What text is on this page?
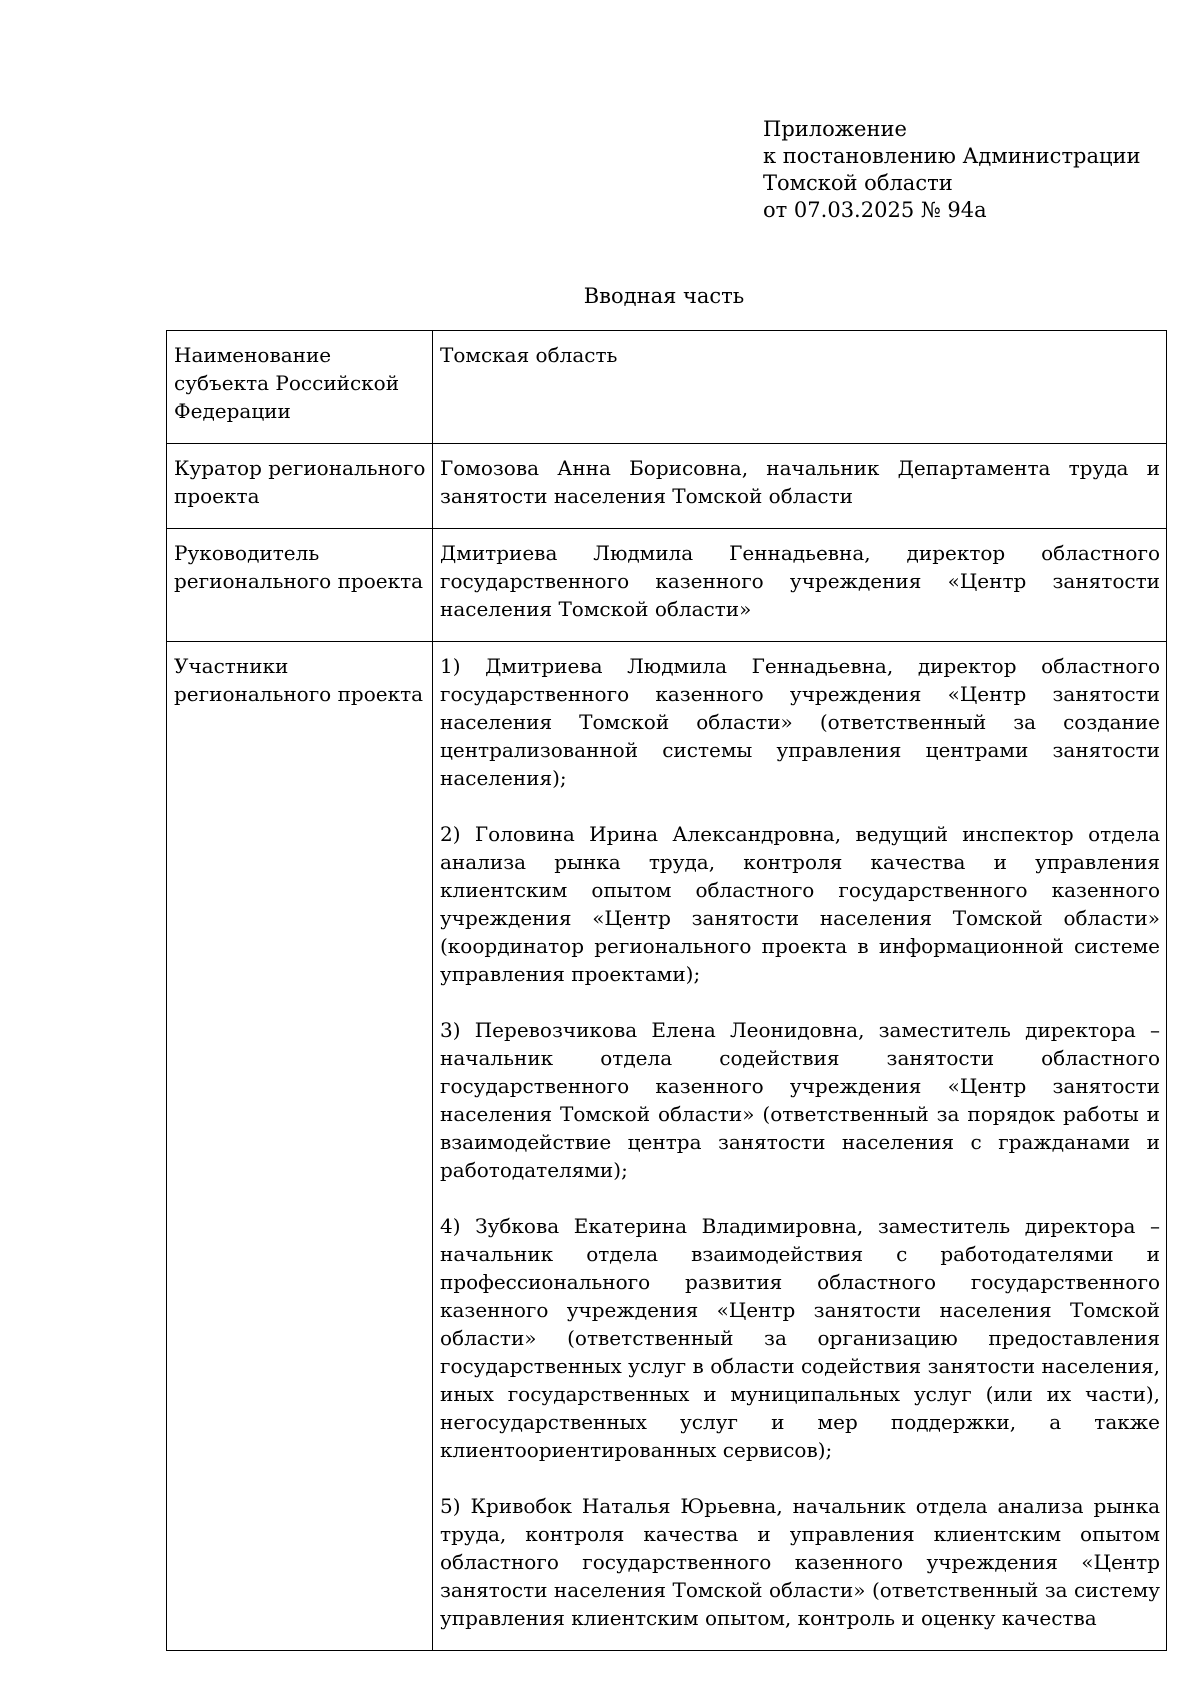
Приложение
к постановлению Администрации
Томской области
от 07.03.2025 № 94а
Вводная часть
Наименование субъекта Российской Федерации	Томская область
Куратор регионального проекта	Гомозова Анна Борисовна, начальник Департамента труда и занятости населения Томской области
Руководитель регионального проекта	Дмитриева Людмила Геннадьевна, директор областного государственного казенного учреждения «Центр занятости населения Томской области»
Участники регионального проекта	1) Дмитриева Людмила Геннадьевна, директор областного государственного казенного учреждения «Центр занятости населения Томской области» (ответственный за создание централизованной системы управления центрами занятости населения);
2) Головина Ирина Александровна, ведущий инспектор отдела анализа рынка труда, контроля качества и управления клиентским опытом областного государственного казенного учреждения «Центр занятости населения Томской области» (координатор регионального проекта в информационной системе управления проектами);
3) Перевозчикова Елена Леонидовна, заместитель директора – начальник отдела содействия занятости областного государственного казенного учреждения «Центр занятости населения Томской области» (ответственный за порядок работы и взаимодействие центра занятости населения с гражданами и работодателями);
4) Зубкова Екатерина Владимировна, заместитель директора – начальник отдела взаимодействия с работодателями и профессионального развития областного государственного казенного учреждения «Центр занятости населения Томской области» (ответственный за организацию предоставления государственных услуг в области содействия занятости населения, иных государственных и муниципальных услуг (или их части), негосударственных услуг и мер поддержки, а также клиентоориентированных сервисов);
5) Кривобок Наталья Юрьевна, начальник отдела анализа рынка труда, контроля качества и управления клиентским опытом областного государственного казенного учреждения «Центр занятости населения Томской области» (ответственный за систему управления клиентским опытом, контроль и оценку качества
